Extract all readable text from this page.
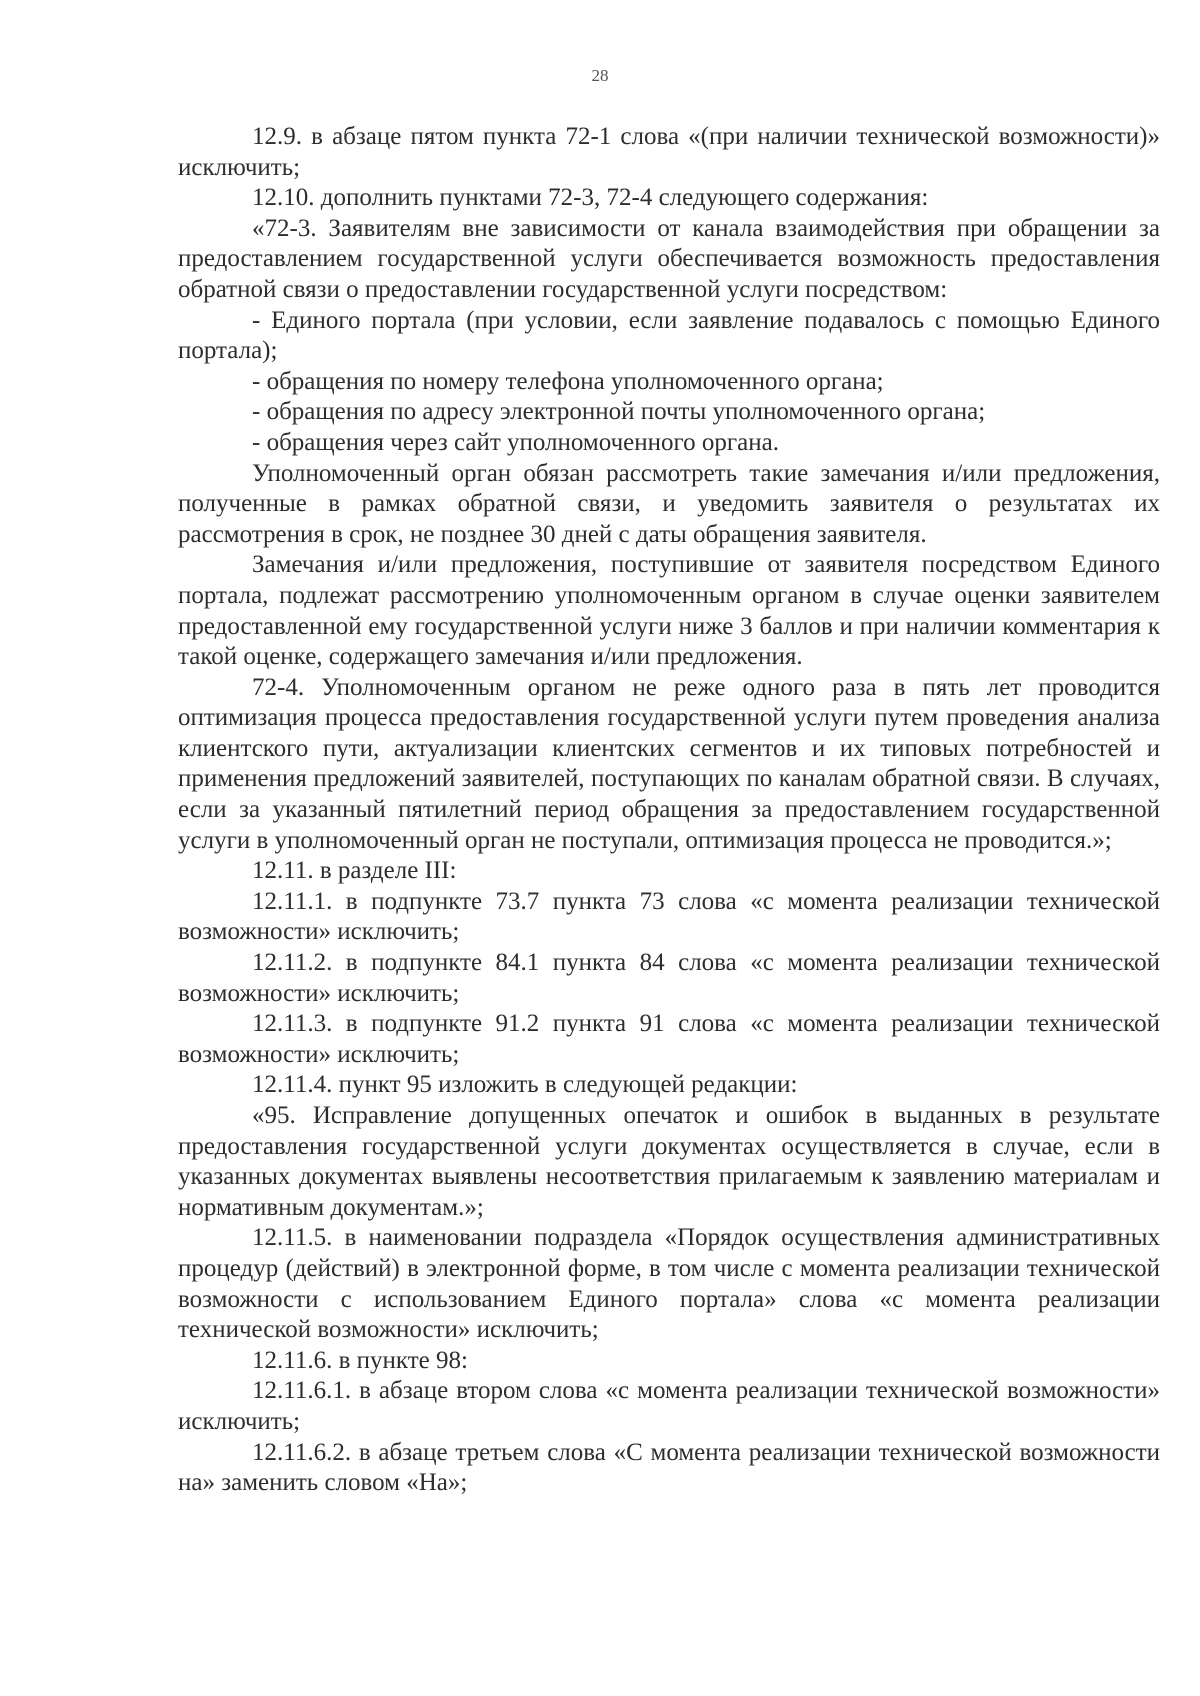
28

12.9. в абзаце пятом пункта 72-1 слова «(при наличии технической возможности)» исключить;

12.10. дополнить пунктами 72-3, 72-4 следующего содержания:

«72-3. Заявителям вне зависимости от канала взаимодействия при обращении за предоставлением государственной услуги обеспечивается возможность предоставления обратной связи о предоставлении государственной услуги посредством:

- Единого портала (при условии, если заявление подавалось с помощью Единого портала);

- обращения по номеру телефона уполномоченного органа;

- обращения по адресу электронной почты уполномоченного органа;

- обращения через сайт уполномоченного органа.

Уполномоченный орган обязан рассмотреть такие замечания и/или предложения, полученные в рамках обратной связи, и уведомить заявителя о результатах их рассмотрения в срок, не позднее 30 дней с даты обращения заявителя.

Замечания и/или предложения, поступившие от заявителя посредством Единого портала, подлежат рассмотрению уполномоченным органом в случае оценки заявителем предоставленной ему государственной услуги ниже 3 баллов и при наличии комментария к такой оценке, содержащего замечания и/или предложения.

72-4. Уполномоченным органом не реже одного раза в пять лет проводится оптимизация процесса предоставления государственной услуги путем проведения анализа клиентского пути, актуализации клиентских сегментов и их типовых потребностей и применения предложений заявителей, поступающих по каналам обратной связи. В случаях, если за указанный пятилетний период обращения за предоставлением государственной услуги в уполномоченный орган не поступали, оптимизация процесса не проводится.»;

12.11. в разделе III:

12.11.1. в подпункте 73.7 пункта 73 слова «с момента реализации технической возможности» исключить;

12.11.2. в подпункте 84.1 пункта 84 слова «с момента реализации технической возможности» исключить;

12.11.3. в подпункте 91.2 пункта 91 слова «с момента реализации технической возможности» исключить;

12.11.4. пункт 95 изложить в следующей редакции:

«95. Исправление допущенных опечаток и ошибок в выданных в результате предоставления государственной услуги документах осуществляется в случае, если в указанных документах выявлены несоответствия прилагаемым к заявлению материалам и нормативным документам.»;

12.11.5. в наименовании подраздела «Порядок осуществления административных процедур (действий) в электронной форме, в том числе с момента реализации технической возможности с использованием Единого портала» слова «с момента реализации технической возможности» исключить;

12.11.6. в пункте 98:

12.11.6.1. в абзаце втором слова «с момента реализации технической возможности» исключить;

12.11.6.2. в абзаце третьем слова «С момента реализации технической возможности на» заменить словом «На»;
